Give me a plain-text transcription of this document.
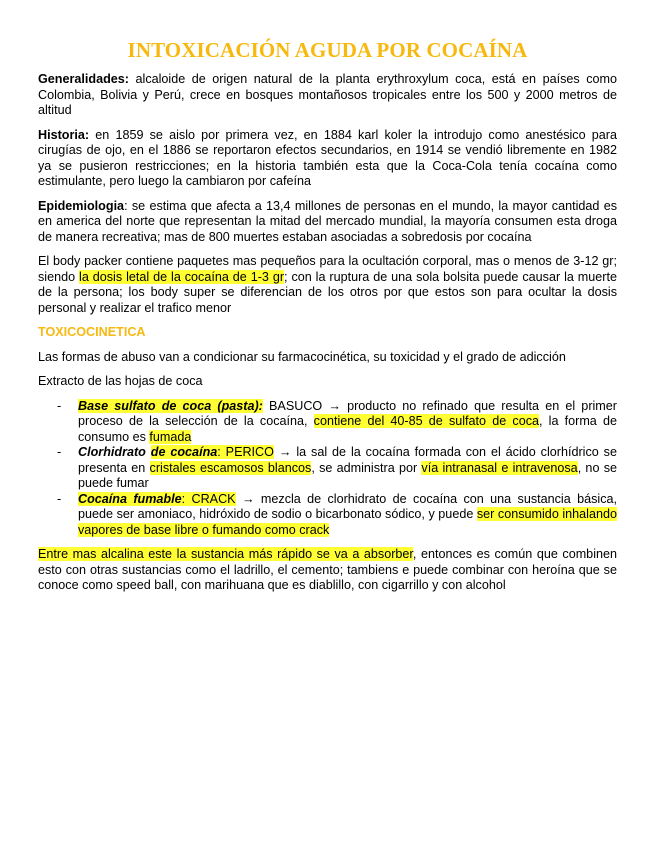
INTOXICACIÓN AGUDA POR COCAÍNA

Generalidades: alcaloide de origen natural de la planta erythroxylum coca, está en países como Colombia, Bolivia y Perú, crece en bosques montañosos tropicales entre los 500 y 2000 metros de altitud

Historia: en 1859 se aislo por primera vez, en 1884 karl koler la introdujo como anestésico para cirugías de ojo, en el 1886 se reportaron efectos secundarios, en 1914 se vendió libremente en 1982 ya se pusieron restricciones; en la historia también esta que la Coca-Cola tenía cocaína como estimulante, pero luego la cambiaron por cafeína

Epidemiologia: se estima que afecta a 13,4 millones de personas en el mundo, la mayor cantidad es en america del norte que representan la mitad del mercado mundial, la mayoría consumen esta droga de manera recreativa; mas de 800 muertes estaban asociadas a sobredosis por cocaína

El body packer contiene paquetes mas pequeños para la ocultación corporal, mas o menos de 3-12 gr; siendo la dosis letal de la cocaína de 1-3 gr; con la ruptura de una sola bolsita puede causar la muerte de la persona; los body super se diferencian de los otros por que estos son para ocultar la dosis personal y realizar el trafico menor

TOXICOCINETICA

Las formas de abuso van a condicionar su farmacocinética, su toxicidad y el grado de adicción

Extracto de las hojas de coca

- Base sulfato de coca (pasta): BASUCO → producto no refinado que resulta en el primer proceso de la selección de la cocaína, contiene del 40-85 de sulfato de coca, la forma de consumo es fumada
- Clorhidrato de cocaína: PERICO → la sal de la cocaína formada con el ácido clorhídrico se presenta en cristales escamosos blancos, se administra por vía intranasal e intravenosa, no se puede fumar
- Cocaína fumable: CRACK → mezcla de clorhidrato de cocaína con una sustancia básica, puede ser amoniaco, hidróxido de sodio o bicarbonato sódico, y puede ser consumido inhalando vapores de base libre o fumando como crack

Entre mas alcalina este la sustancia más rápido se va a absorber, entonces es común que combinen esto con otras sustancias como el ladrillo, el cemento; tambiens e puede combinar con heroína que se conoce como speed ball, con marihuana que es diablillo, con cigarrillo y con alcohol
